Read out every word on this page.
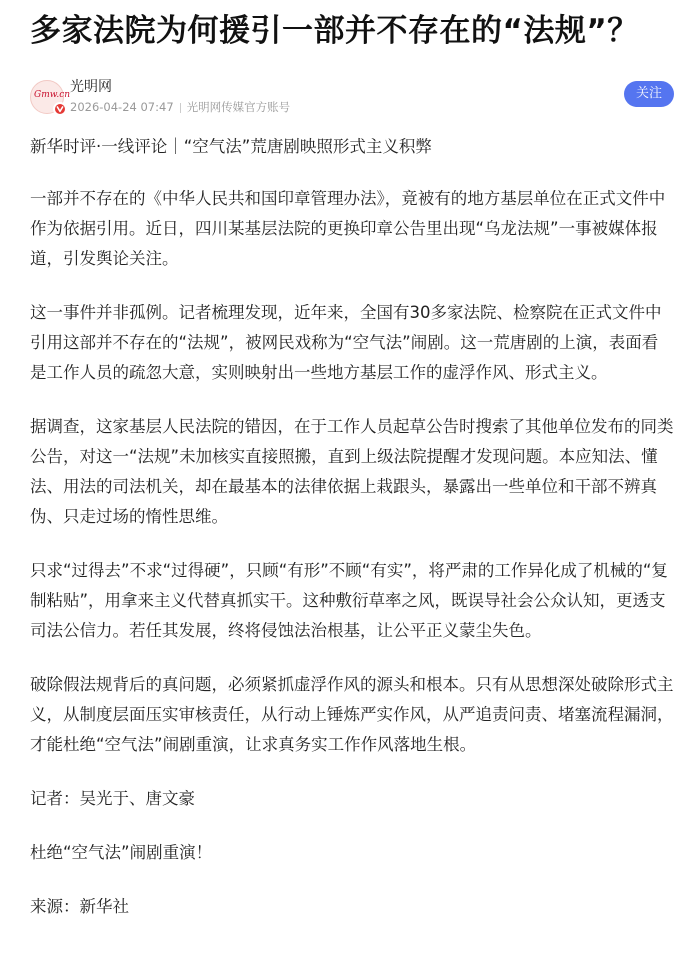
多家法院为何援引一部并不存在的“法规”？
Gmw.cn 光明网
2026-04-24 07:47 光明网传媒官方账号
关注

新华时评·一线评论｜“空气法”荒唐剧映照形式主义积弊

一部并不存在的《中华人民共和国印章管理办法》，竟被有的地方基层单位在正式文件中作为依据引用。近日，四川某基层法院的更换印章公告里出现“乌龙法规”一事被媒体报道，引发舆论关注。

这一事件并非孤例。记者梳理发现，近年来，全国有30多家法院、检察院在正式文件中引用这部并不存在的“法规”，被网民戏称为“空气法”闹剧。这一荒唐剧的上演，表面看是工作人员的疏忽大意，实则映射出一些地方基层工作的虚浮作风、形式主义。

据调查，这家基层人民法院的错因，在于工作人员起草公告时搜索了其他单位发布的同类公告，对这一“法规”未加核实直接照搬，直到上级法院提醒才发现问题。本应知法、懂法、用法的司法机关，却在最基本的法律依据上栽跟头，暴露出一些单位和干部不辨真伪、只走过场的惰性思维。

只求“过得去”不求“过得硬”，只顾“有形”不顾“有实”，将严肃的工作异化成了机械的“复制粘贴”，用拿来主义代替真抓实干。这种敷衍草率之风，既误导社会公众认知，更透支司法公信力。若任其发展，终将侵蚀法治根基，让公平正义蒙尘失色。

破除假法规背后的真问题，必须紧抓虚浮作风的源头和根本。只有从思想深处破除形式主义，从制度层面压实审核责任，从行动上锤炼严实作风，从严追责问责、堵塞流程漏洞，才能杜绝“空气法”闹剧重演，让求真务实工作作风落地生根。

记者：吴光于、唐文豪

杜绝“空气法”闹剧重演！

来源：新华社
